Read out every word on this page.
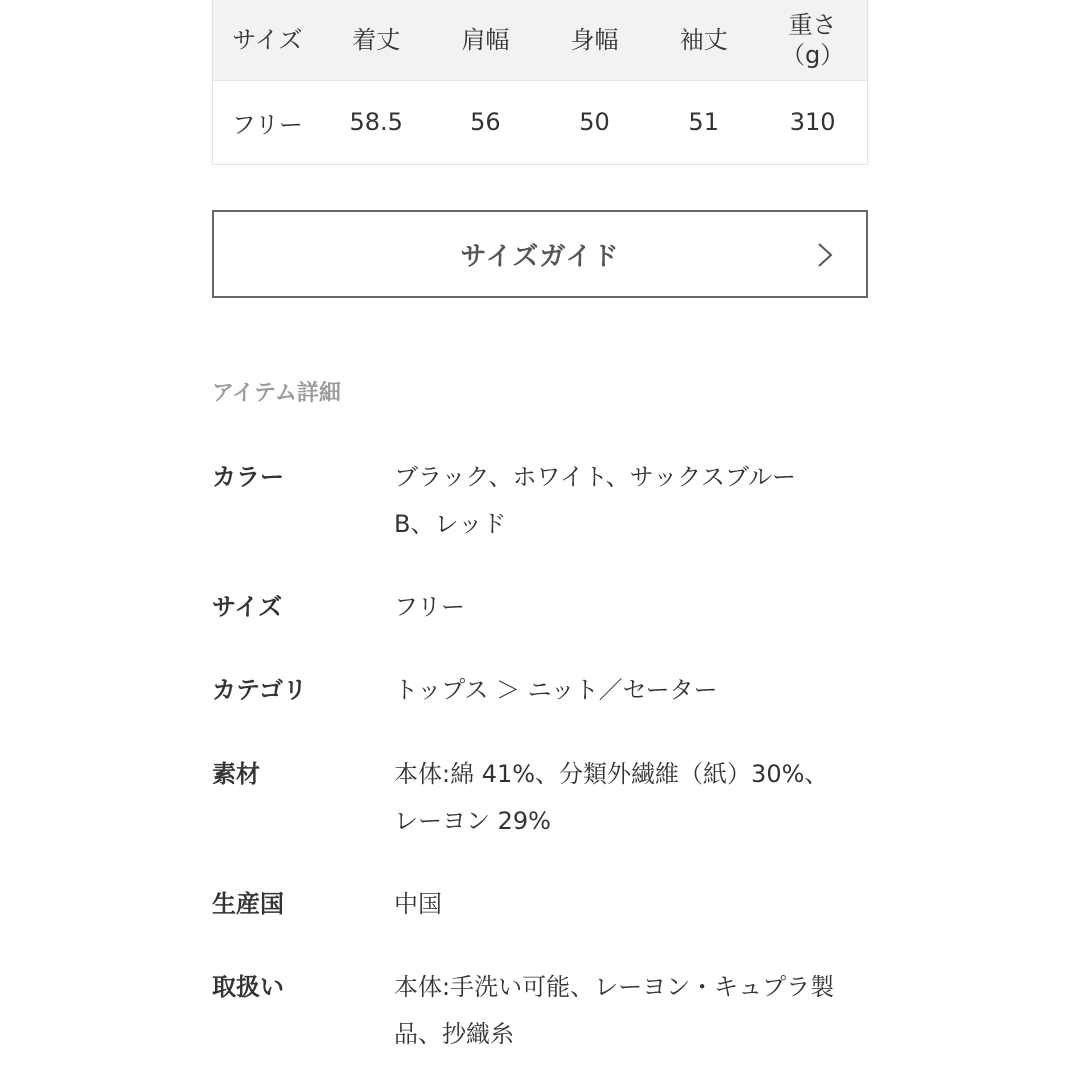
サイズ	着丈	肩幅	身幅	袖丈	重さ
（g）
フリー	58.5	56	50	51	310
サイズガイド
アイテム詳細
カラー	ブラック、ホワイト、サックスブルー
B、レッド
サイズ	フリー
カテゴリ	トップス ＞ ニット／セーター
素材	本体:綿 41%、分類外繊維（紙）30%、
レーヨン 29%
生産国	中国
取扱い	本体:手洗い可能、レーヨン・キュプラ製
品、抄織糸
